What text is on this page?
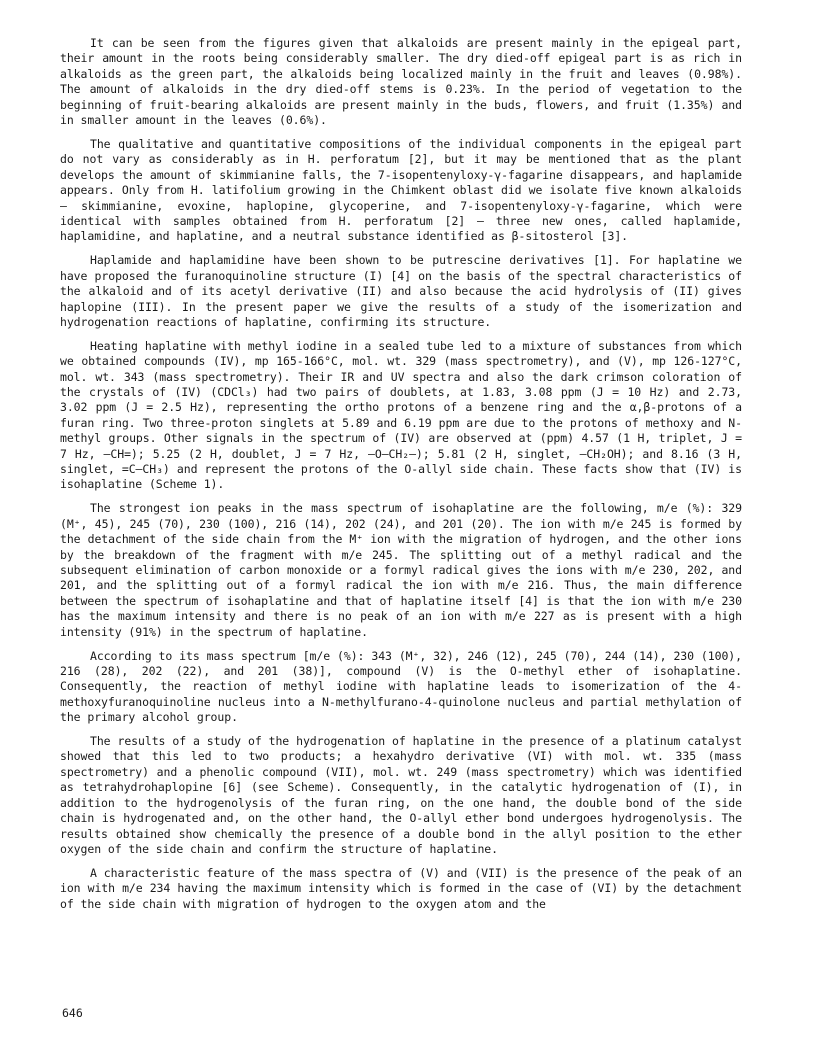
It can be seen from the figures given that alkaloids are present mainly in the epigeal part, their amount in the roots being considerably smaller. The dry died-off epigeal part is as rich in alkaloids as the green part, the alkaloids being localized mainly in the fruit and leaves (0.98%). The amount of alkaloids in the dry died-off stems is 0.23%. In the period of vegetation to the beginning of fruit-bearing alkaloids are present mainly in the buds, flowers, and fruit (1.35%) and in smaller amount in the leaves (0.6%).

The qualitative and quantitative compositions of the individual components in the epigeal part do not vary as considerably as in H. perforatum [2], but it may be mentioned that as the plant develops the amount of skimmianine falls, the 7-isopentenyloxy-γ-fagarine disappears, and haplamide appears. Only from H. latifolium growing in the Chimkent oblast did we isolate five known alkaloids — skimmianine, evoxine, haplopine, glycoperine, and 7-isopentenyloxy-γ-fagarine, which were identical with samples obtained from H. perforatum [2] — three new ones, called haplamide, haplamidine, and haplatine, and a neutral substance identified as β-sitosterol [3].

Haplamide and haplamidine have been shown to be putrescine derivatives [1]. For haplatine we have proposed the furanoquinoline structure (I) [4] on the basis of the spectral characteristics of the alkaloid and of its acetyl derivative (II) and also because the acid hydrolysis of (II) gives haplopine (III). In the present paper we give the results of a study of the isomerization and hydrogenation reactions of haplatine, confirming its structure.

Heating haplatine with methyl iodine in a sealed tube led to a mixture of substances from which we obtained compounds (IV), mp 165-166°C, mol. wt. 329 (mass spectrometry), and (V), mp 126-127°C, mol. wt. 343 (mass spectrometry). Their IR and UV spectra and also the dark crimson coloration of the crystals of (IV) (CDCl₃) had two pairs of doublets, at 1.83, 3.08 ppm (J = 10 Hz) and 2.73, 3.02 ppm (J = 2.5 Hz), representing the ortho protons of a benzene ring and the α,β-protons of a furan ring. Two three-proton singlets at 5.89 and 6.19 ppm are due to the protons of methoxy and N-methyl groups. Other signals in the spectrum of (IV) are observed at (ppm) 4.57 (1 H, triplet, J = 7 Hz, —CH=); 5.25 (2 H, doublet, J = 7 Hz, —O—CH₂—); 5.81 (2 H, singlet, —CH₂OH); and 8.16 (3 H, singlet, =C—CH₃) and represent the protons of the O-allyl side chain. These facts show that (IV) is isohaplatine (Scheme 1).

The strongest ion peaks in the mass spectrum of isohaplatine are the following, m/e (%): 329 (M⁺, 45), 245 (70), 230 (100), 216 (14), 202 (24), and 201 (20). The ion with m/e 245 is formed by the detachment of the side chain from the M⁺ ion with the migration of hydrogen, and the other ions by the breakdown of the fragment with m/e 245. The splitting out of a methyl radical and the subsequent elimination of carbon monoxide or a formyl radical gives the ions with m/e 230, 202, and 201, and the splitting out of a formyl radical the ion with m/e 216. Thus, the main difference between the spectrum of isohaplatine and that of haplatine itself [4] is that the ion with m/e 230 has the maximum intensity and there is no peak of an ion with m/e 227 as is present with a high intensity (91%) in the spectrum of haplatine.

According to its mass spectrum [m/e (%): 343 (M⁺, 32), 246 (12), 245 (70), 244 (14), 230 (100), 216 (28), 202 (22), and 201 (38)], compound (V) is the O-methyl ether of isohaplatine. Consequently, the reaction of methyl iodine with haplatine leads to isomerization of the 4-methoxyfuranoquinoline nucleus into a N-methylfurano-4-quinolone nucleus and partial methylation of the primary alcohol group.

The results of a study of the hydrogenation of haplatine in the presence of a platinum catalyst showed that this led to two products; a hexahydro derivative (VI) with mol. wt. 335 (mass spectrometry) and a phenolic compound (VII), mol. wt. 249 (mass spectrometry) which was identified as tetrahydrohaplopine [6] (see Scheme). Consequently, in the catalytic hydrogenation of (I), in addition to the hydrogenolysis of the furan ring, on the one hand, the double bond of the side chain is hydrogenated and, on the other hand, the O-allyl ether bond undergoes hydrogenolysis. The results obtained show chemically the presence of a double bond in the allyl position to the ether oxygen of the side chain and confirm the structure of haplatine.

A characteristic feature of the mass spectra of (V) and (VII) is the presence of the peak of an ion with m/e 234 having the maximum intensity which is formed in the case of (VI) by the detachment of the side chain with migration of hydrogen to the oxygen atom and the

646
